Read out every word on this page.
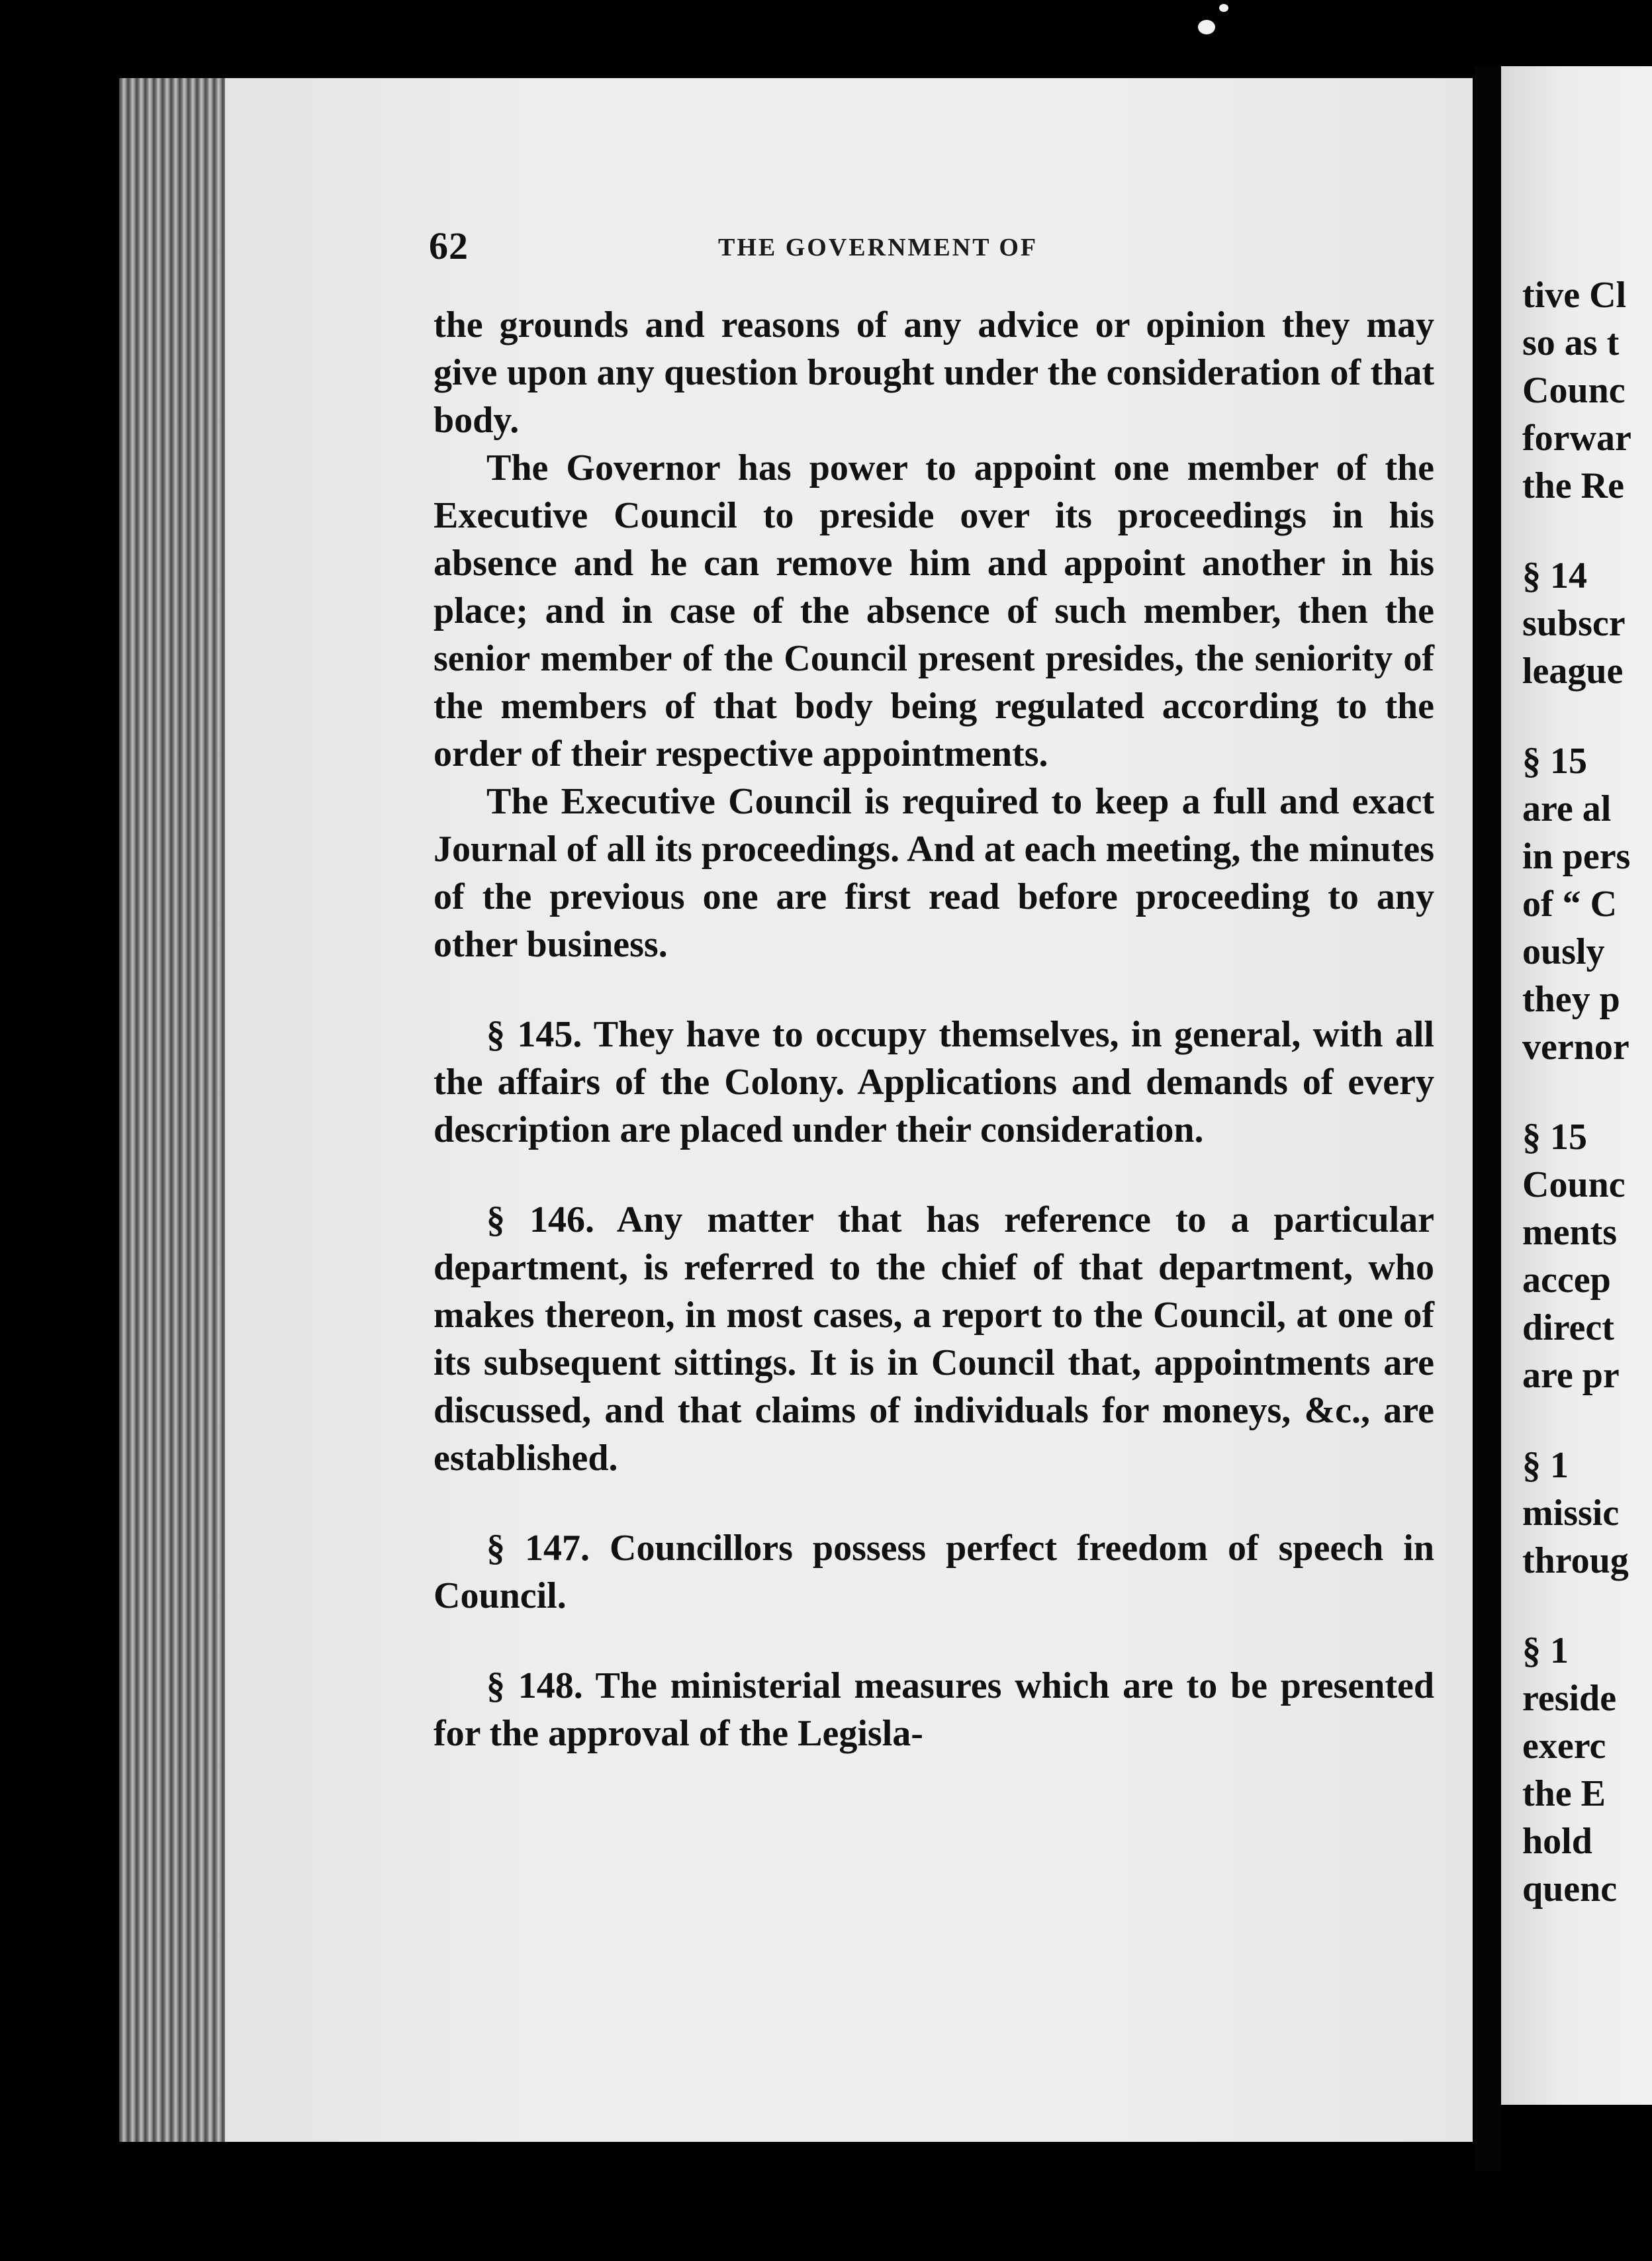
62	THE GOVERNMENT OF

the grounds and reasons of any advice or opinion they may give upon any question brought under the consideration of that body.

The Governor has power to appoint one member of the Executive Council to preside over its proceedings in his absence and he can remove him and appoint another in his place; and in case of the absence of such member, then the senior member of the Council present presides, the seniority of the members of that body being regulated according to the order of their respective appointments.

The Executive Council is required to keep a full and exact Journal of all its proceedings. And at each meeting, the minutes of the previous one are first read before proceeding to any other business.

§ 145. They have to occupy themselves, in general, with all the affairs of the Colony. Applications and demands of every description are placed under their consideration.

§ 146. Any matter that has reference to a particular department, is referred to the chief of that department, who makes thereon, in most cases, a report to the Council, at one of its subsequent sittings. It is in Council that, appointments are discussed, and that claims of individuals for moneys, &c., are established.

§ 147. Councillors possess perfect freedom of speech in Council.

§ 148. The ministerial measures which are to be presented for the approval of the Legisla-

tive Cl
so as t
Counc
forwar
the Re
§ 14
subscr
league
§ 15
are al
in pers
of “ C
ously
they p
vernor
§ 15
Counc
ments
accep
direct
are pr
§ 1
missic
throug
§ 1
reside
exerc
the E
hold
quenc
